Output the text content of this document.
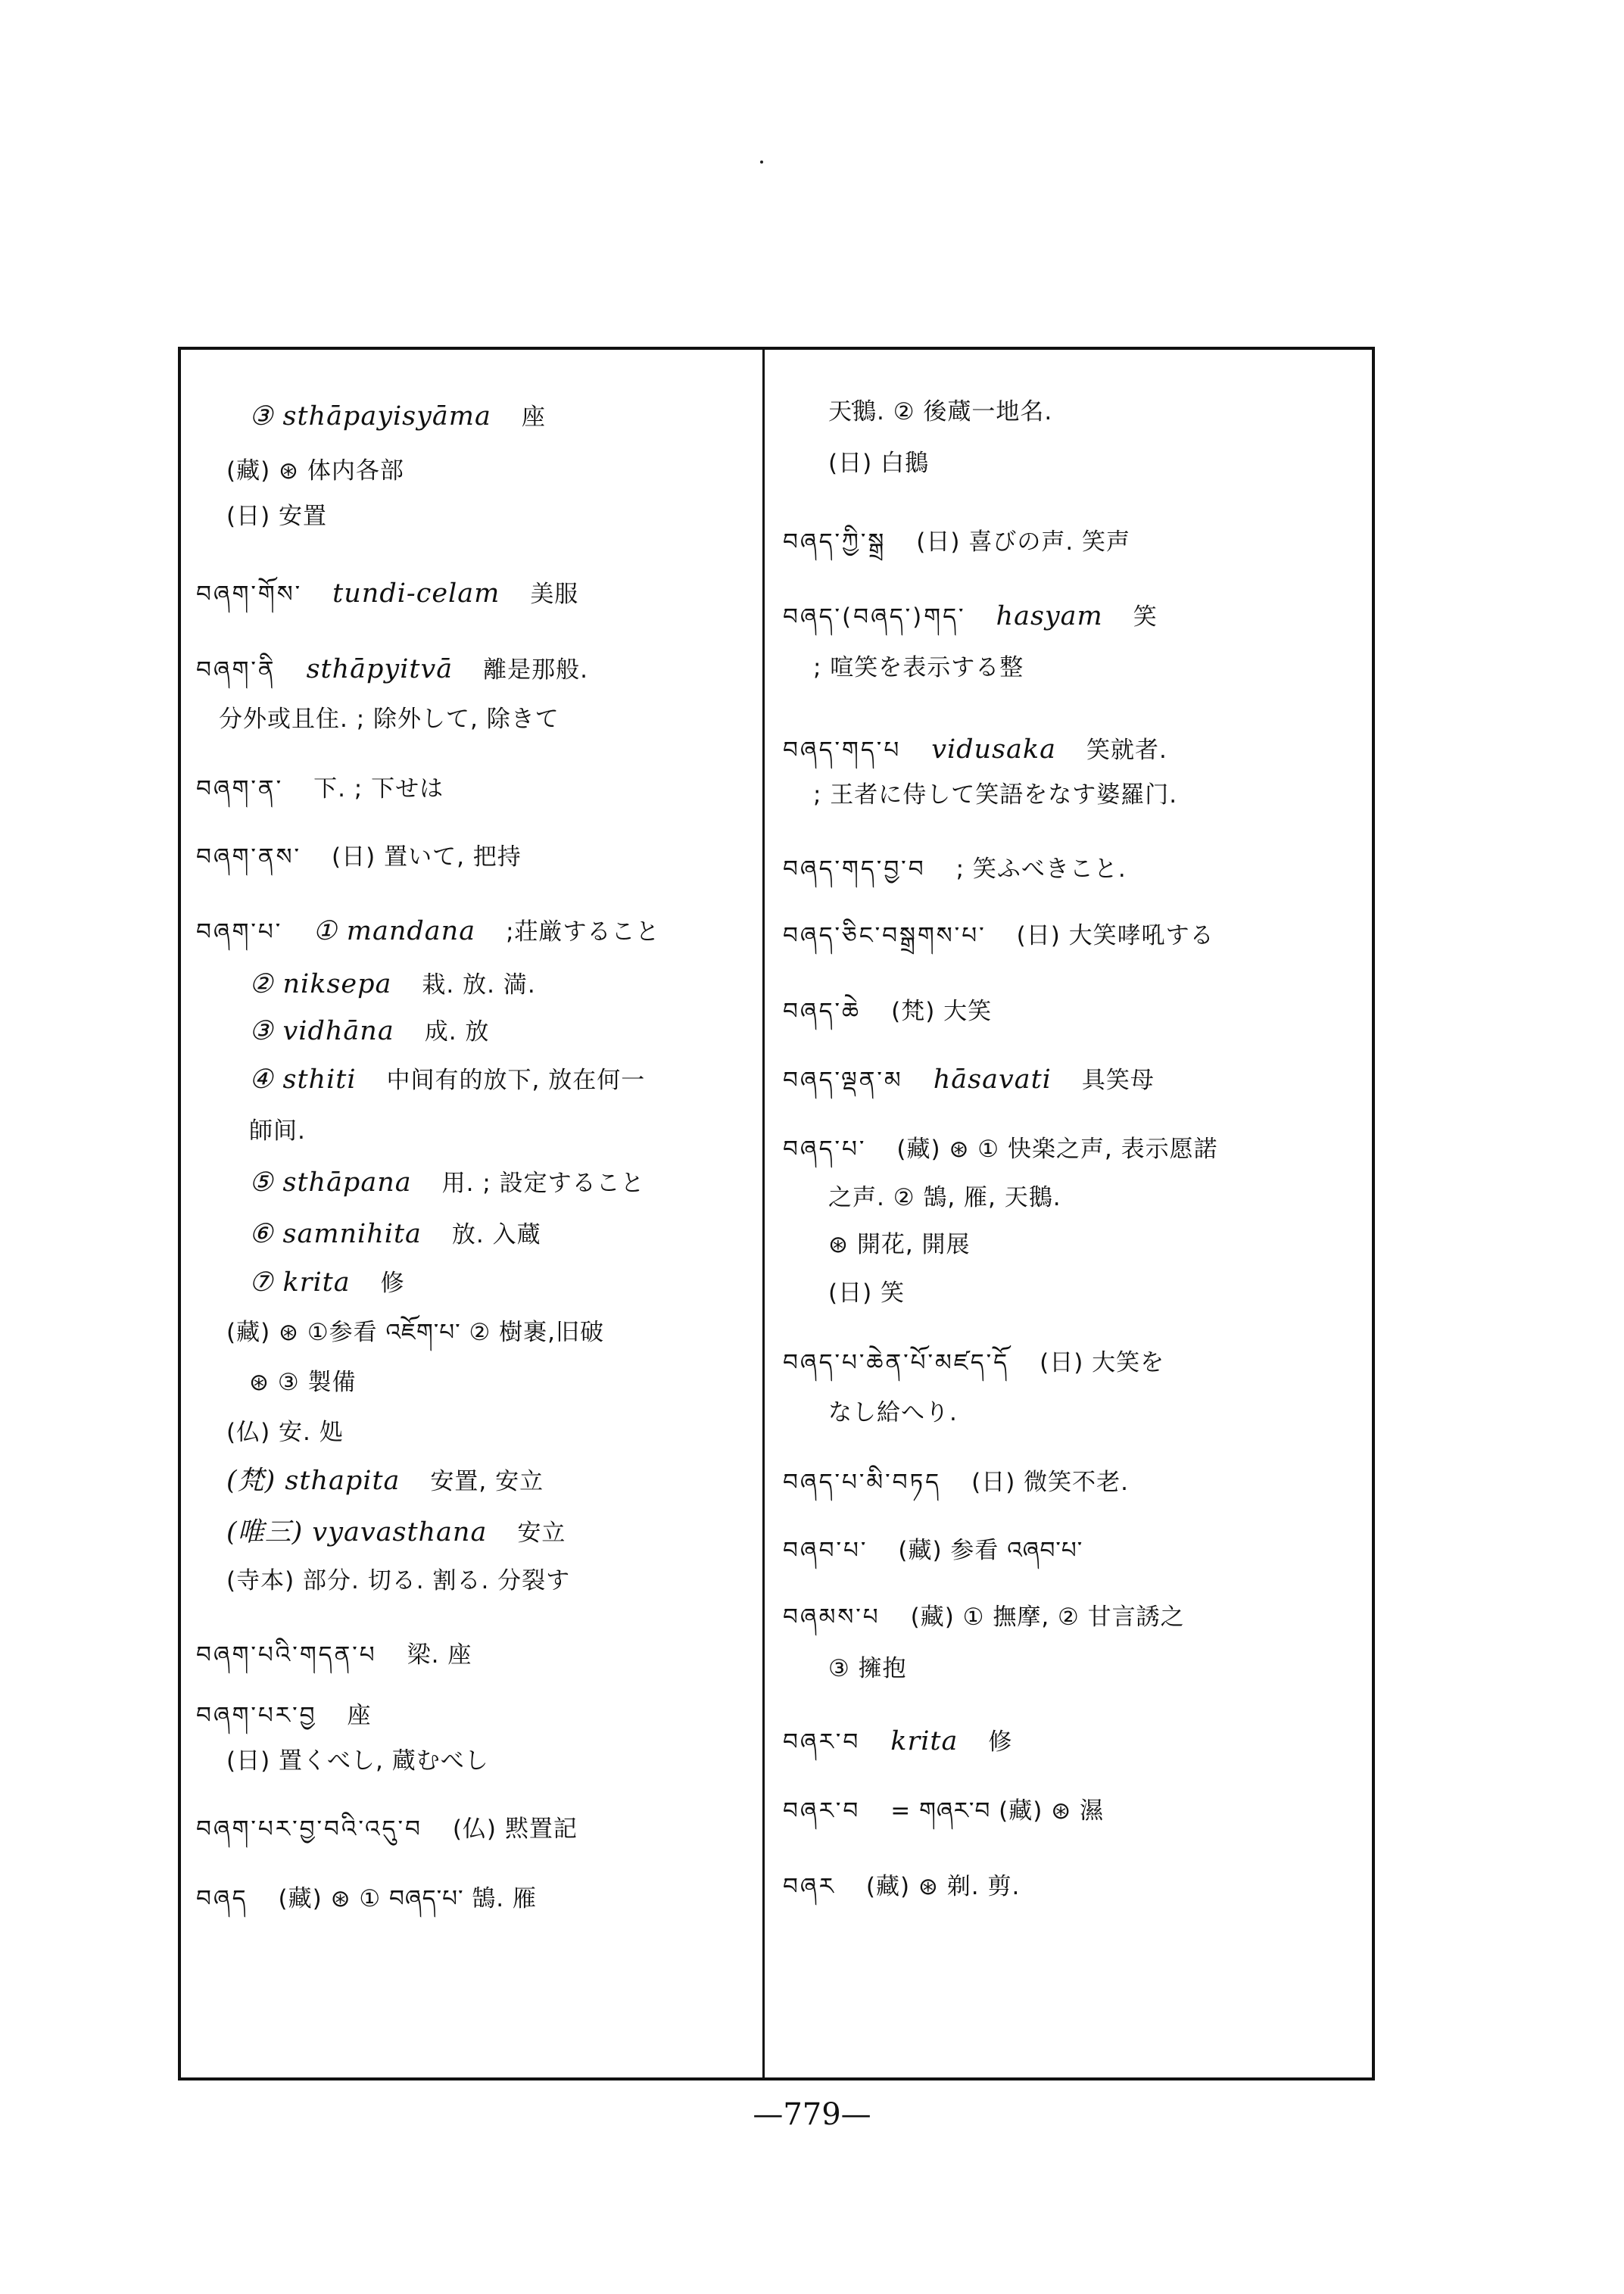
③ sthāpayisyāma 座
(藏) ⊛ 体内各部
(日) 安置
བཞག་གོས་ tundi-celam 美服
བཞག་ནི sthāpyitvā 離是那般.
分外或且住. ; 除外して, 除きて
བཞག་ན་ 下. ; 下せは
བཞག་ནས་ (日) 置いて, 把持
བཞག་པ་ ① mandana ;荘厳すること
② niksepa 栽. 放. 満.
③ vidhāna 成. 放
④ sthiti 中间有的放下, 放在何一
師间.
⑤ sthāpana 用. ; 設定すること
⑥ samnihita 放. 入蔵
⑦ krita 修
(藏) ⊛ ①参看 འཇོག་པ་ ② 樹裹,旧破
⊛ ③ 製備
(仏) 安. 処
(梵) sthapita 安置, 安立
(唯三) vyavasthana 安立
(寺本) 部分. 切る. 割る. 分裂す
བཞག་པའི་གདན་པ 梁. 座
བཞག་པར་བྱ 座
(日) 置くべし, 蔵むべし
བཞག་པར་བྱ་བའི་འདུ་བ (仏) 黙置記
བཞད (藏) ⊛ ① བཞད་པ་ 鵠. 雁
天鵝. ② 後蔵一地名.
(日) 白鵝
བཞད་ཀྱི་སྒྲ (日) 喜びの声. 笑声
བཞད་(བཞད་)གད་ hasyam 笑
; 喧笑を表示する整
བཞད་གད་པ vidusaka 笑就者.
; 王者に侍して笑語をなす婆羅门.
བཞད་གད་བྱ་བ ; 笑ふべきこと.
བཞད་ཅིང་བསྒྲགས་པ་ (日) 大笑哮吼する
བཞད་ཆེ (梵) 大笑
བཞད་ལྡན་མ hāsavati 具笑母
བཞད་པ་ (藏) ⊛ ① 快楽之声, 表示愿諾
之声. ② 鵠, 雁, 天鵝.
⊛ 開花, 開展
(日) 笑
བཞད་པ་ཆེན་པོ་མཛད་དོ (日) 大笑を
なし給へり.
བཞད་པ་མི་བཏད (日) 微笑不老.
བཞབ་པ་ (藏) 参看 འཞབ་པ་
བཞམས་པ (藏) ① 撫摩, ② 甘言誘之
③ 擁抱
བཞར་བ krita 修
བཞར་བ = གཞར་བ (藏) ⊛ 濕
བཞར (藏) ⊛ 剃. 剪.
—779—
